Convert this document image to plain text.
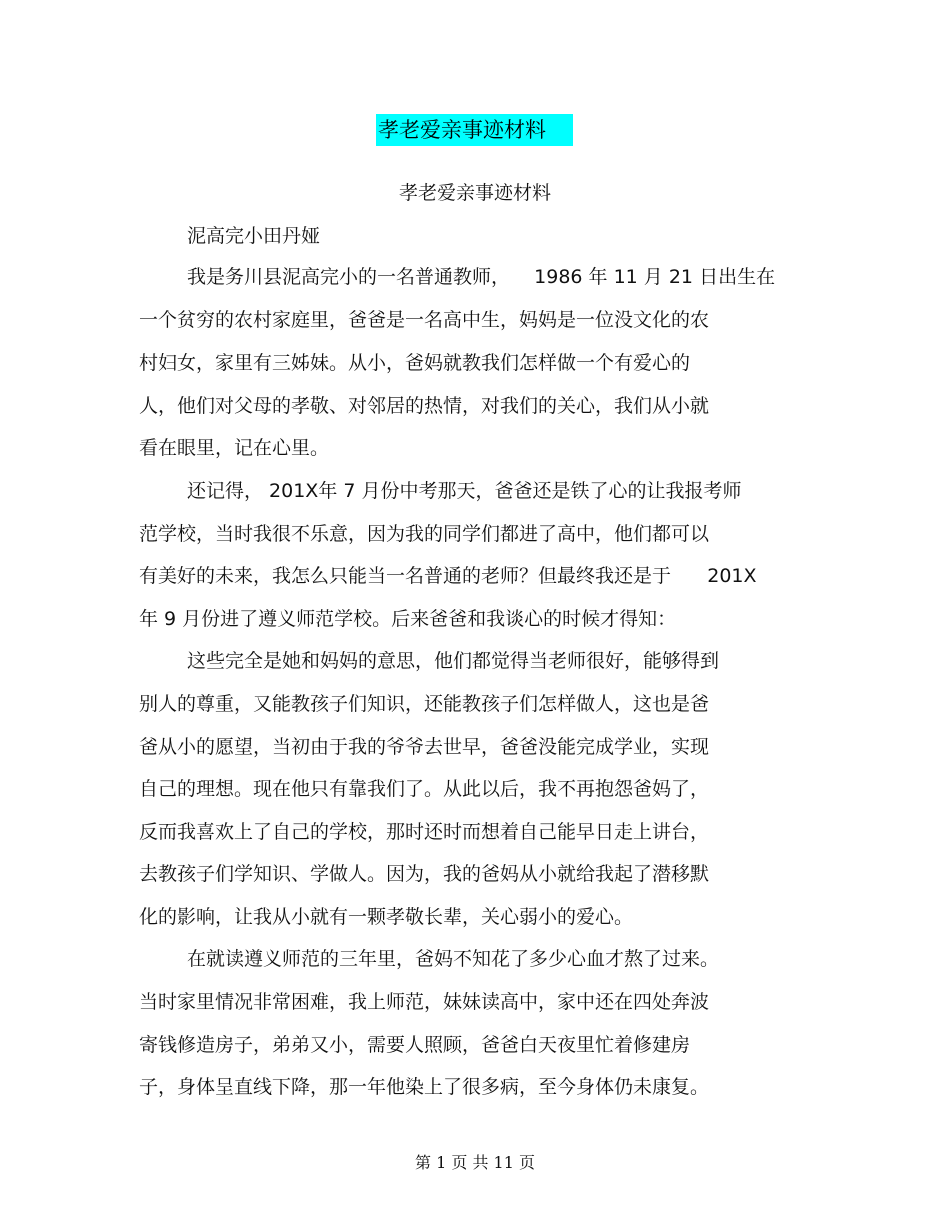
孝老爱亲事迹材料
孝老爱亲事迹材料
泥高完小田丹娅
我是务川县泥高完小的一名普通教师，    1986 年 11 月 21 日出生在
一个贫穷的农村家庭里，爸爸是一名高中生，妈妈是一位没文化的农
村妇女，家里有三姊妹。从小，爸妈就教我们怎样做一个有爱心的
人，他们对父母的孝敬、对邻居的热情，对我们的关心，我们从小就
看在眼里，记在心里。
还记得， 201X年 7 月份中考那天，爸爸还是铁了心的让我报考师
范学校，当时我很不乐意，因为我的同学们都进了高中，他们都可以
有美好的未来，我怎么只能当一名普通的老师？但最终我还是于      201X
年 9 月份进了遵义师范学校。后来爸爸和我谈心的时候才得知：
这些完全是她和妈妈的意思，他们都觉得当老师很好，能够得到
别人的尊重，又能教孩子们知识，还能教孩子们怎样做人，这也是爸
爸从小的愿望，当初由于我的爷爷去世早，爸爸没能完成学业，实现
自己的理想。现在他只有靠我们了。从此以后，我不再抱怨爸妈了，
反而我喜欢上了自己的学校，那时还时而想着自己能早日走上讲台，
去教孩子们学知识、学做人。因为，我的爸妈从小就给我起了潜移默
化的影响，让我从小就有一颗孝敬长辈，关心弱小的爱心。
在就读遵义师范的三年里，爸妈不知花了多少心血才熬了过来。
当时家里情况非常困难，我上师范，妹妹读高中，家中还在四处奔波
寄钱修造房子，弟弟又小，需要人照顾，爸爸白天夜里忙着修建房
子，身体呈直线下降，那一年他染上了很多病，至今身体仍未康复。
第 1 页 共 11 页
